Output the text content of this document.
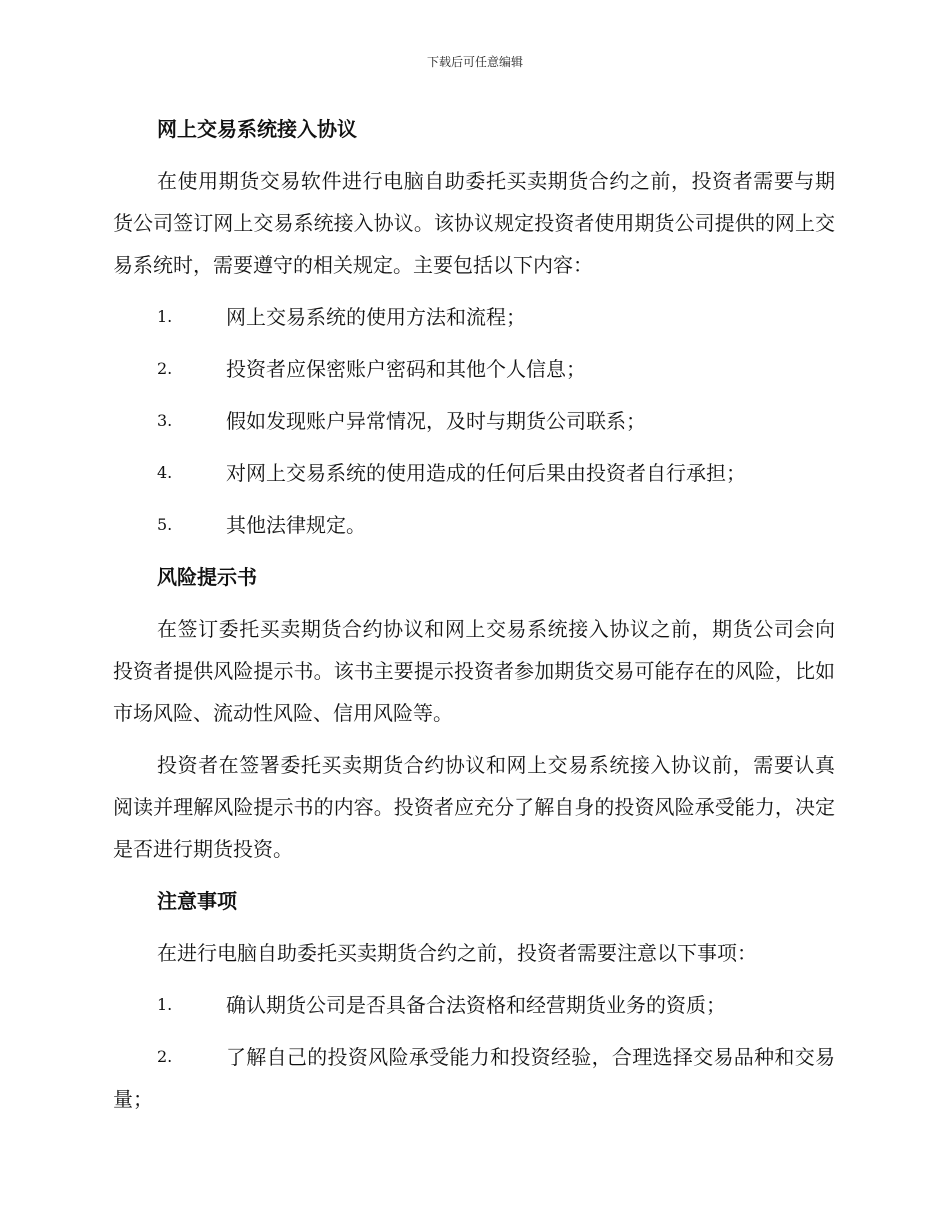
下载后可任意编辑
网上交易系统接入协议

在使用期货交易软件进行电脑自助委托买卖期货合约之前，投资者需要与期货公司签订网上交易系统接入协议。该协议规定投资者使用期货公司提供的网上交易系统时，需要遵守的相关规定。主要包括以下内容：

1.	网上交易系统的使用方法和流程；
2.	投资者应保密账户密码和其他个人信息；
3.	假如发现账户异常情况，及时与期货公司联系；
4.	对网上交易系统的使用造成的任何后果由投资者自行承担；
5.	其他法律规定。
风险提示书

在签订委托买卖期货合约协议和网上交易系统接入协议之前，期货公司会向投资者提供风险提示书。该书主要提示投资者参加期货交易可能存在的风险，比如市场风险、流动性风险、信用风险等。

投资者在签署委托买卖期货合约协议和网上交易系统接入协议前，需要认真阅读并理解风险提示书的内容。投资者应充分了解自身的投资风险承受能力，决定是否进行期货投资。

注意事项

在进行电脑自助委托买卖期货合约之前，投资者需要注意以下事项：

1.	确认期货公司是否具备合法资格和经营期货业务的资质；
2.	了解自己的投资风险承受能力和投资经验，合理选择交易品种和交易量；
